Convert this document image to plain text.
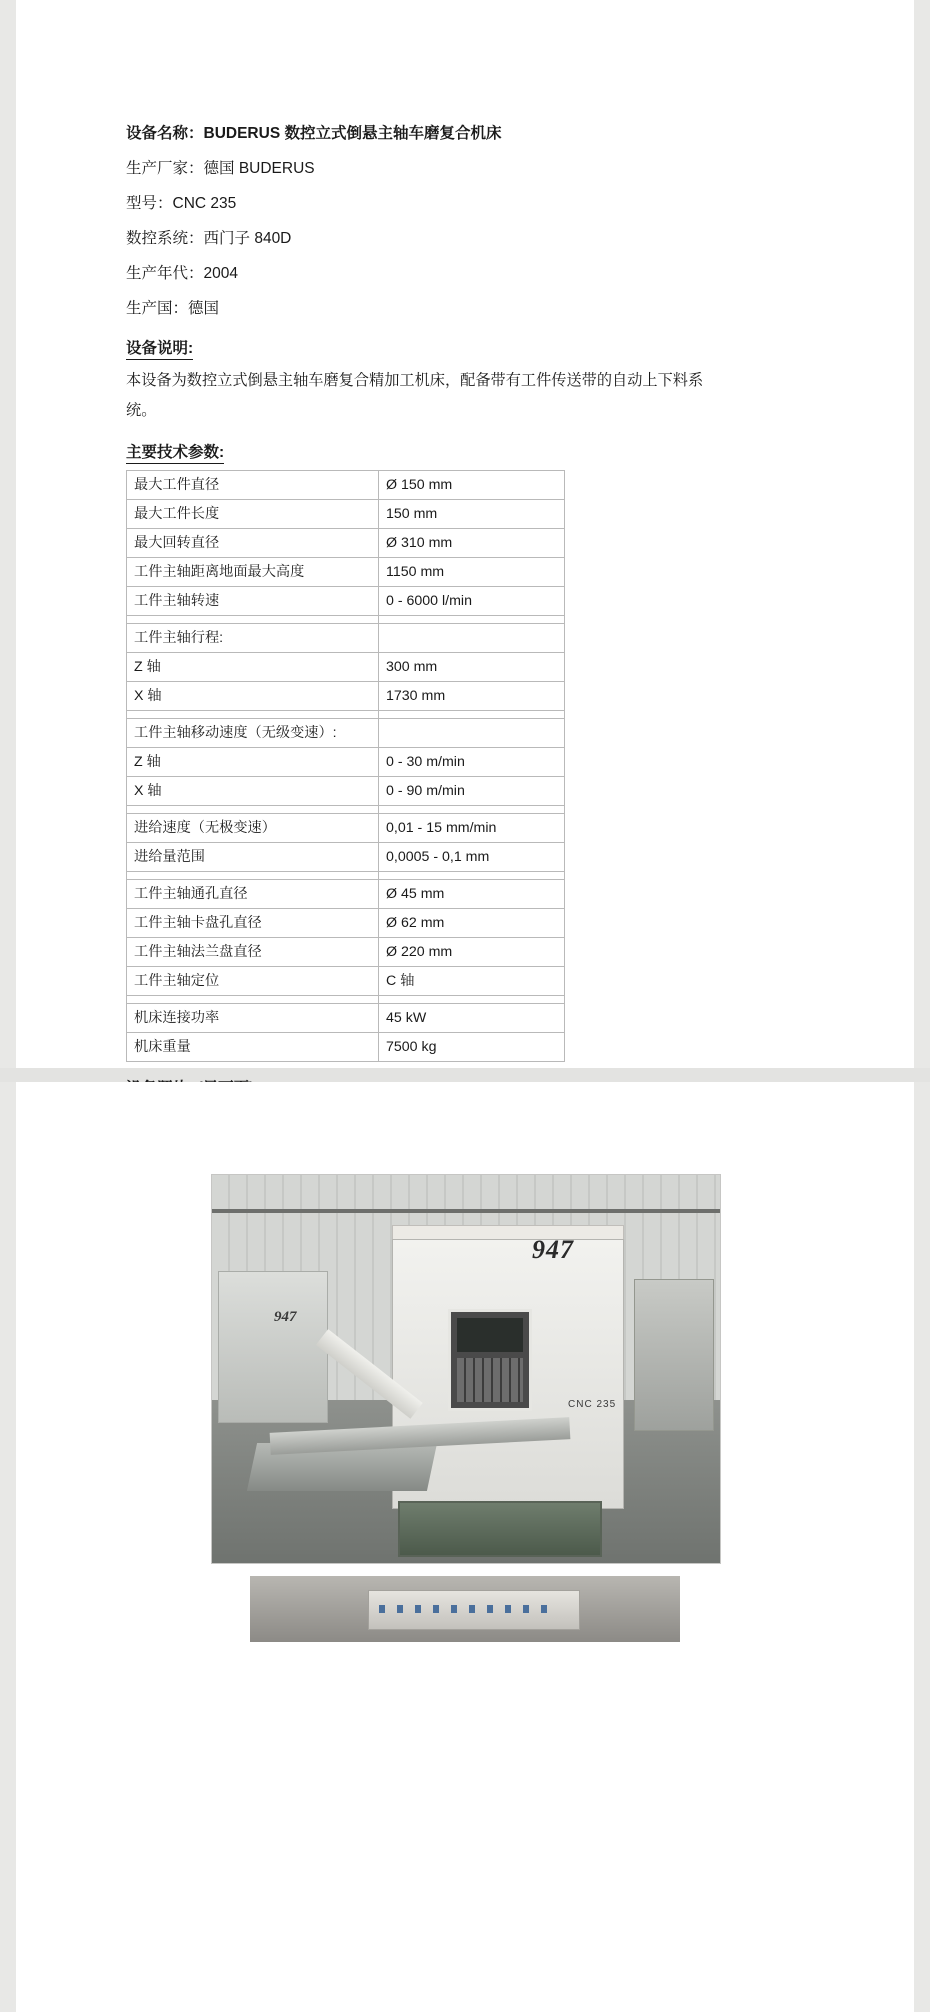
设备名称：BUDERUS 数控立式倒悬主轴车磨复合机床
生产厂家：德国 BUDERUS
型号：CNC 235
数控系统：西门子 840D
生产年代：2004
生产国：德国
设备说明:
本设备为数控立式倒悬主轴车磨复合精加工机床，配备带有工件传送带的自动上下料系统。
主要技术参数:
最大工件直径	Ø 150 mm
最大工件长度	150 mm
最大回转直径	Ø 310 mm
工件主轴距离地面最大高度	1150 mm
工件主轴转速	0 - 6000 l/min

工件主轴行程:	
Z 轴	300 mm
X 轴	1730 mm

工件主轴移动速度（无级变速）:	
Z 轴	0 - 30 m/min
X 轴	0 - 90 m/min

进给速度（无极变速）	0,01 - 15 mm/min
进给量范围	0,0005 - 0,1 mm

工件主轴通孔直径	Ø 45 mm
工件主轴卡盘孔直径	Ø 62 mm
工件主轴法兰盘直径	Ø 220 mm
工件主轴定位	C 轴

机床连接功率	45 kW
机床重量	7500 kg
947
947
CNC 235
